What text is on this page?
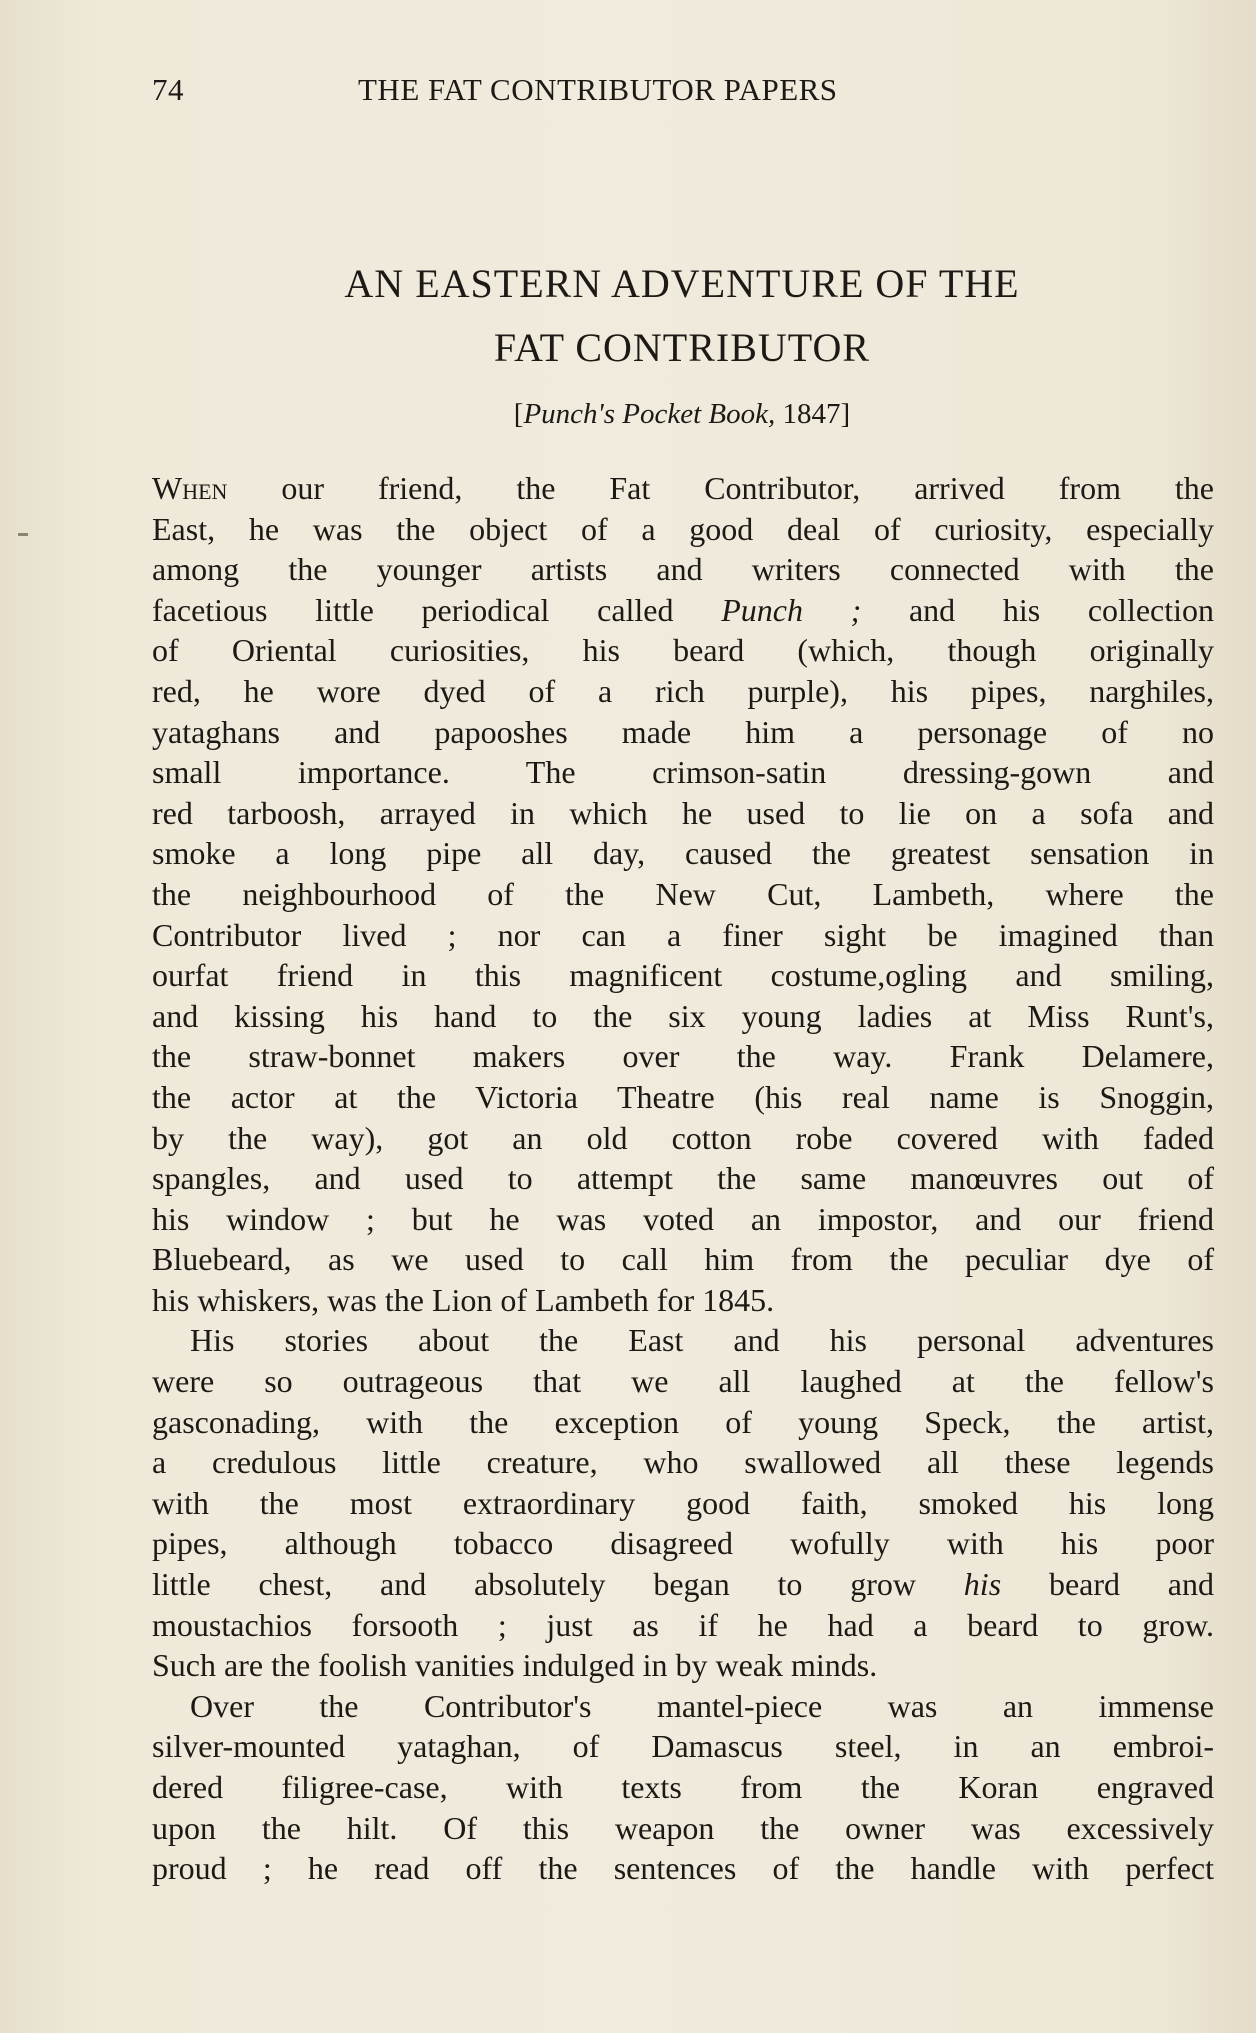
74	THE FAT CONTRIBUTOR PAPERS
AN EASTERN ADVENTURE OF THE
FAT CONTRIBUTOR
[Punch's Pocket Book, 1847]
When our friend, the Fat Contributor, arrived from the
East, he was the object of a good deal of curiosity, especially
among the younger artists and writers connected with the
facetious little periodical called Punch ; and his collection
of Oriental curiosities, his beard (which, though originally
red, he wore dyed of a rich purple), his pipes, narghiles,
yataghans and papooshes made him a personage of no
small importance. The crimson-satin dressing-gown and
red tarboosh, arrayed in which he used to lie on a sofa and
smoke a long pipe all day, caused the greatest sensation in
the neighbourhood of the New Cut, Lambeth, where the
Contributor lived ; nor can a finer sight be imagined than
ourfat friend in this magnificent costume,ogling and smiling,
and kissing his hand to the six young ladies at Miss Runt's,
the straw-bonnet makers over the way. Frank Delamere,
the actor at the Victoria Theatre (his real name is Snoggin,
by the way), got an old cotton robe covered with faded
spangles, and used to attempt the same manœuvres out of
his window ; but he was voted an impostor, and our friend
Bluebeard, as we used to call him from the peculiar dye of
his whiskers, was the Lion of Lambeth for 1845.
His stories about the East and his personal adventures
were so outrageous that we all laughed at the fellow's
gasconading, with the exception of young Speck, the artist,
a credulous little creature, who swallowed all these legends
with the most extraordinary good faith, smoked his long
pipes, although tobacco disagreed wofully with his poor
little chest, and absolutely began to grow his beard and
moustachios forsooth ; just as if he had a beard to grow.
Such are the foolish vanities indulged in by weak minds.
Over the Contributor's mantel-piece was an immense
silver-mounted yataghan, of Damascus steel, in an embroi-
dered filigree-case, with texts from the Koran engraved
upon the hilt. Of this weapon the owner was excessively
proud ; he read off the sentences of the handle with perfect
